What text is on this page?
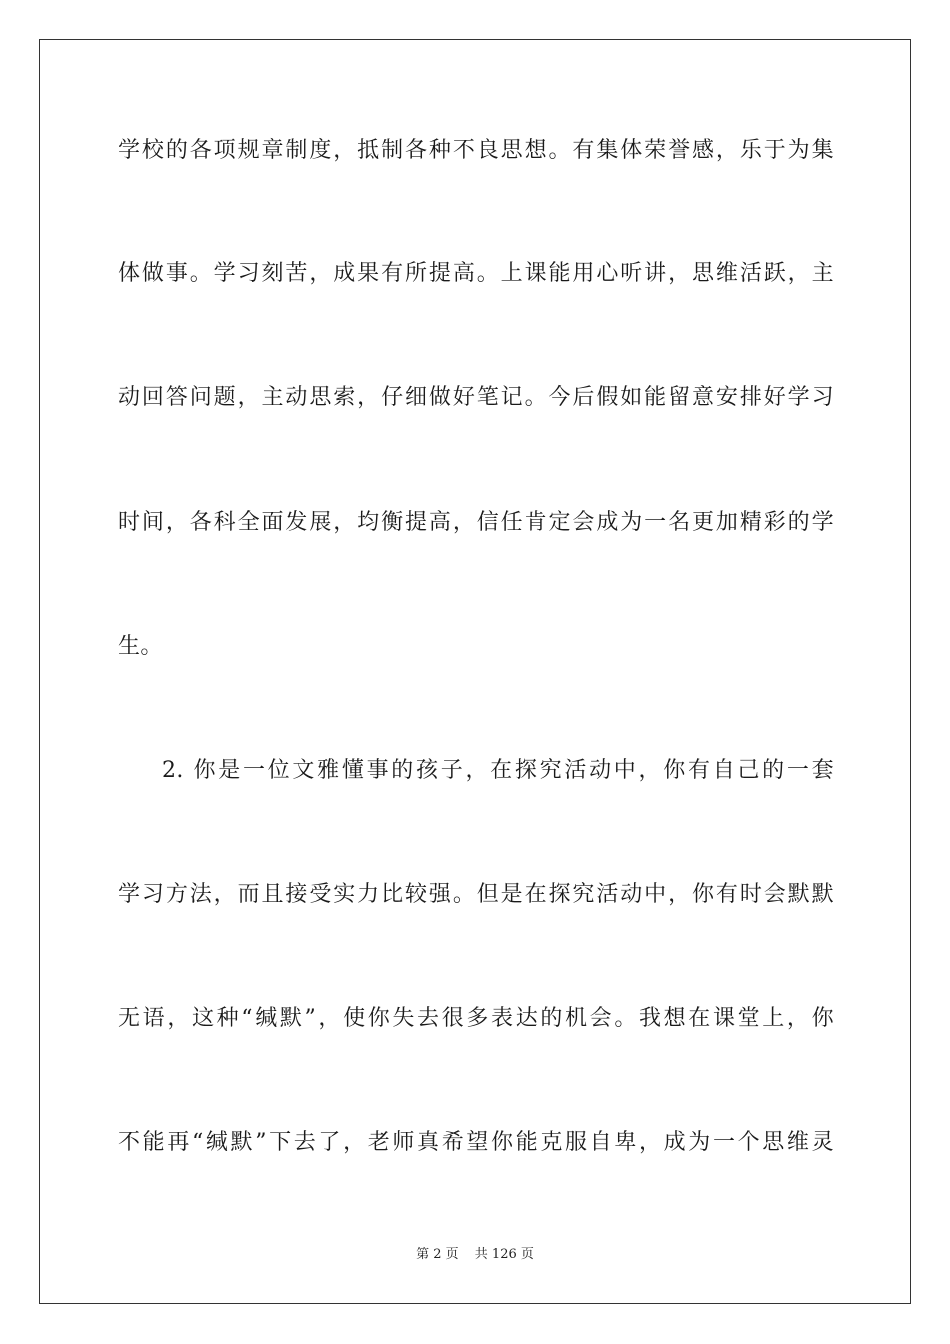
学校的各项规章制度，抵制各种不良思想。有集体荣誉感，乐于为集
体做事。学习刻苦，成果有所提高。上课能用心听讲，思维活跃，主
动回答问题，主动思索，仔细做好笔记。今后假如能留意安排好学习
时间，各科全面发展，均衡提高，信任肯定会成为一名更加精彩的学
生。
2. 你是一位文雅懂事的孩子，在探究活动中，你有自己的一套
学习方法，而且接受实力比较强。但是在探究活动中，你有时会默默
无语，这种“缄默”，使你失去很多表达的机会。我想在课堂上，你
不能再“缄默”下去了，老师真希望你能克服自卑，成为一个思维灵
第 2 页 共 126 页
